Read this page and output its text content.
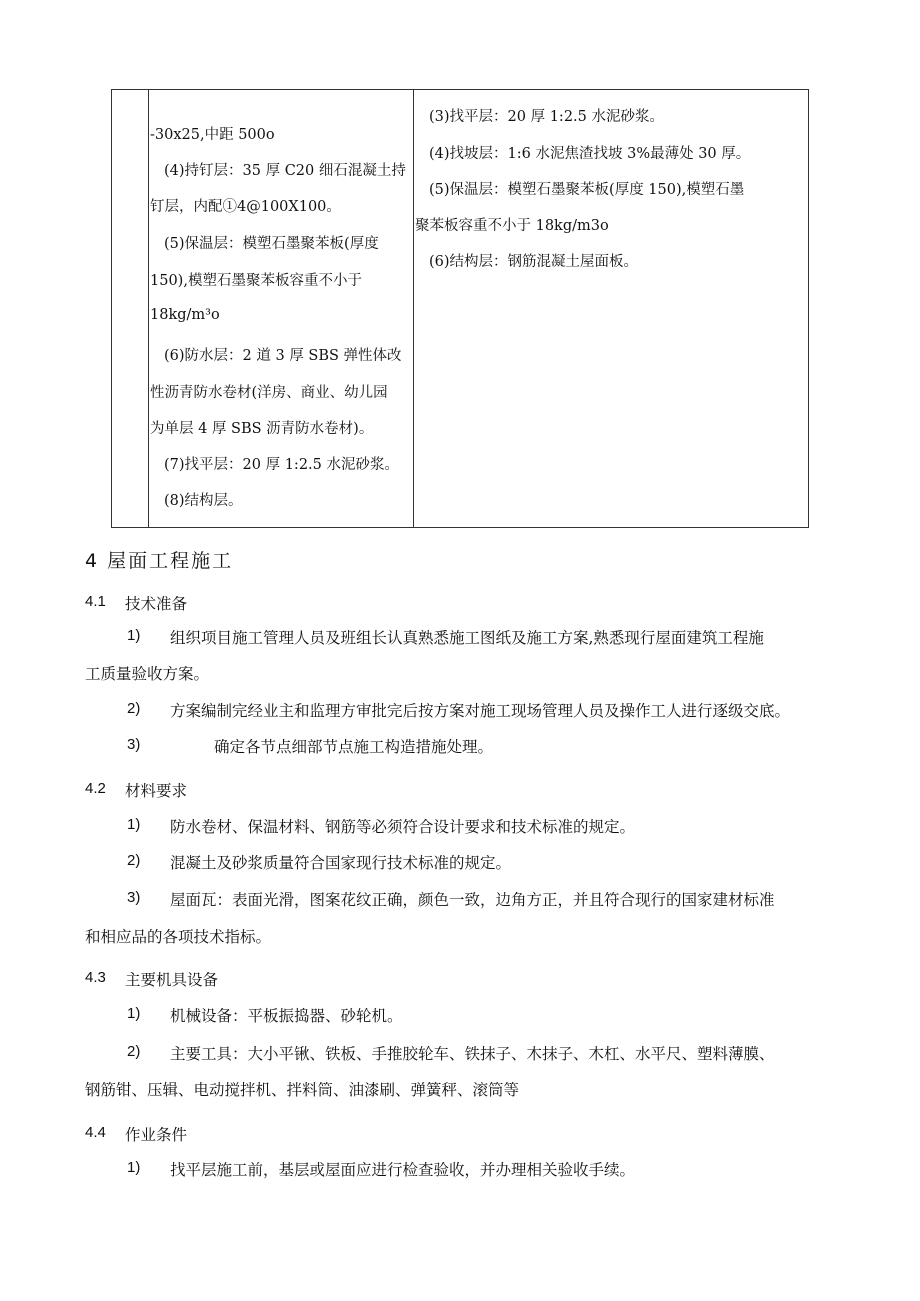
-30x25,中距 500o
(4)持钉层：35 厚 C20 细石混凝土持
钉层，内配①4@100X100。
(5)保温层：模塑石墨聚苯板(厚度
150),模塑石墨聚苯板容重不小于
18kg/m³o
(6)防水层：2 道 3 厚 SBS 弹性体改
性沥青防水卷材(洋房、商业、幼儿园
为单层 4 厚 SBS 沥青防水卷材)。
(7)找平层：20 厚 1:2.5 水泥砂浆。
(8)结构层。
(3)找平层：20 厚 1:2.5 水泥砂浆。
(4)找坡层：1:6 水泥焦渣找坡 3%最薄处 30 厚。
(5)保温层：模塑石墨聚苯板(厚度 150),模塑石墨
聚苯板容重不小于 18kg/m3o
(6)结构层：钢筋混凝土屋面板。
4 屋面工程施工
4.1 技术准备
1) 组织项目施工管理人员及班组长认真熟悉施工图纸及施工方案,熟悉现行屋面建筑工程施
工质量验收方案。
2) 方案编制完经业主和监理方审批完后按方案对施工现场管理人员及操作工人进行逐级交底。
3)	确定各节点细部节点施工构造措施处理。
4.2 材料要求
1) 防水卷材、保温材料、钢筋等必须符合设计要求和技术标准的规定。
2) 混凝土及砂浆质量符合国家现行技术标准的规定。
3) 屋面瓦：表面光滑，图案花纹正确，颜色一致，边角方正，并且符合现行的国家建材标准
和相应品的各项技术指标。
4.3 主要机具设备
1) 机械设备：平板振捣器、砂轮机。
2) 主要工具：大小平锹、铁板、手推胶轮车、铁抹子、木抹子、木杠、水平尺、塑料薄膜、
钢筋钳、压辑、电动搅拌机、拌料筒、油漆刷、弹簧秤、滚筒等
4.4 作业条件
1) 找平层施工前，基层或屋面应进行检查验收，并办理相关验收手续。
